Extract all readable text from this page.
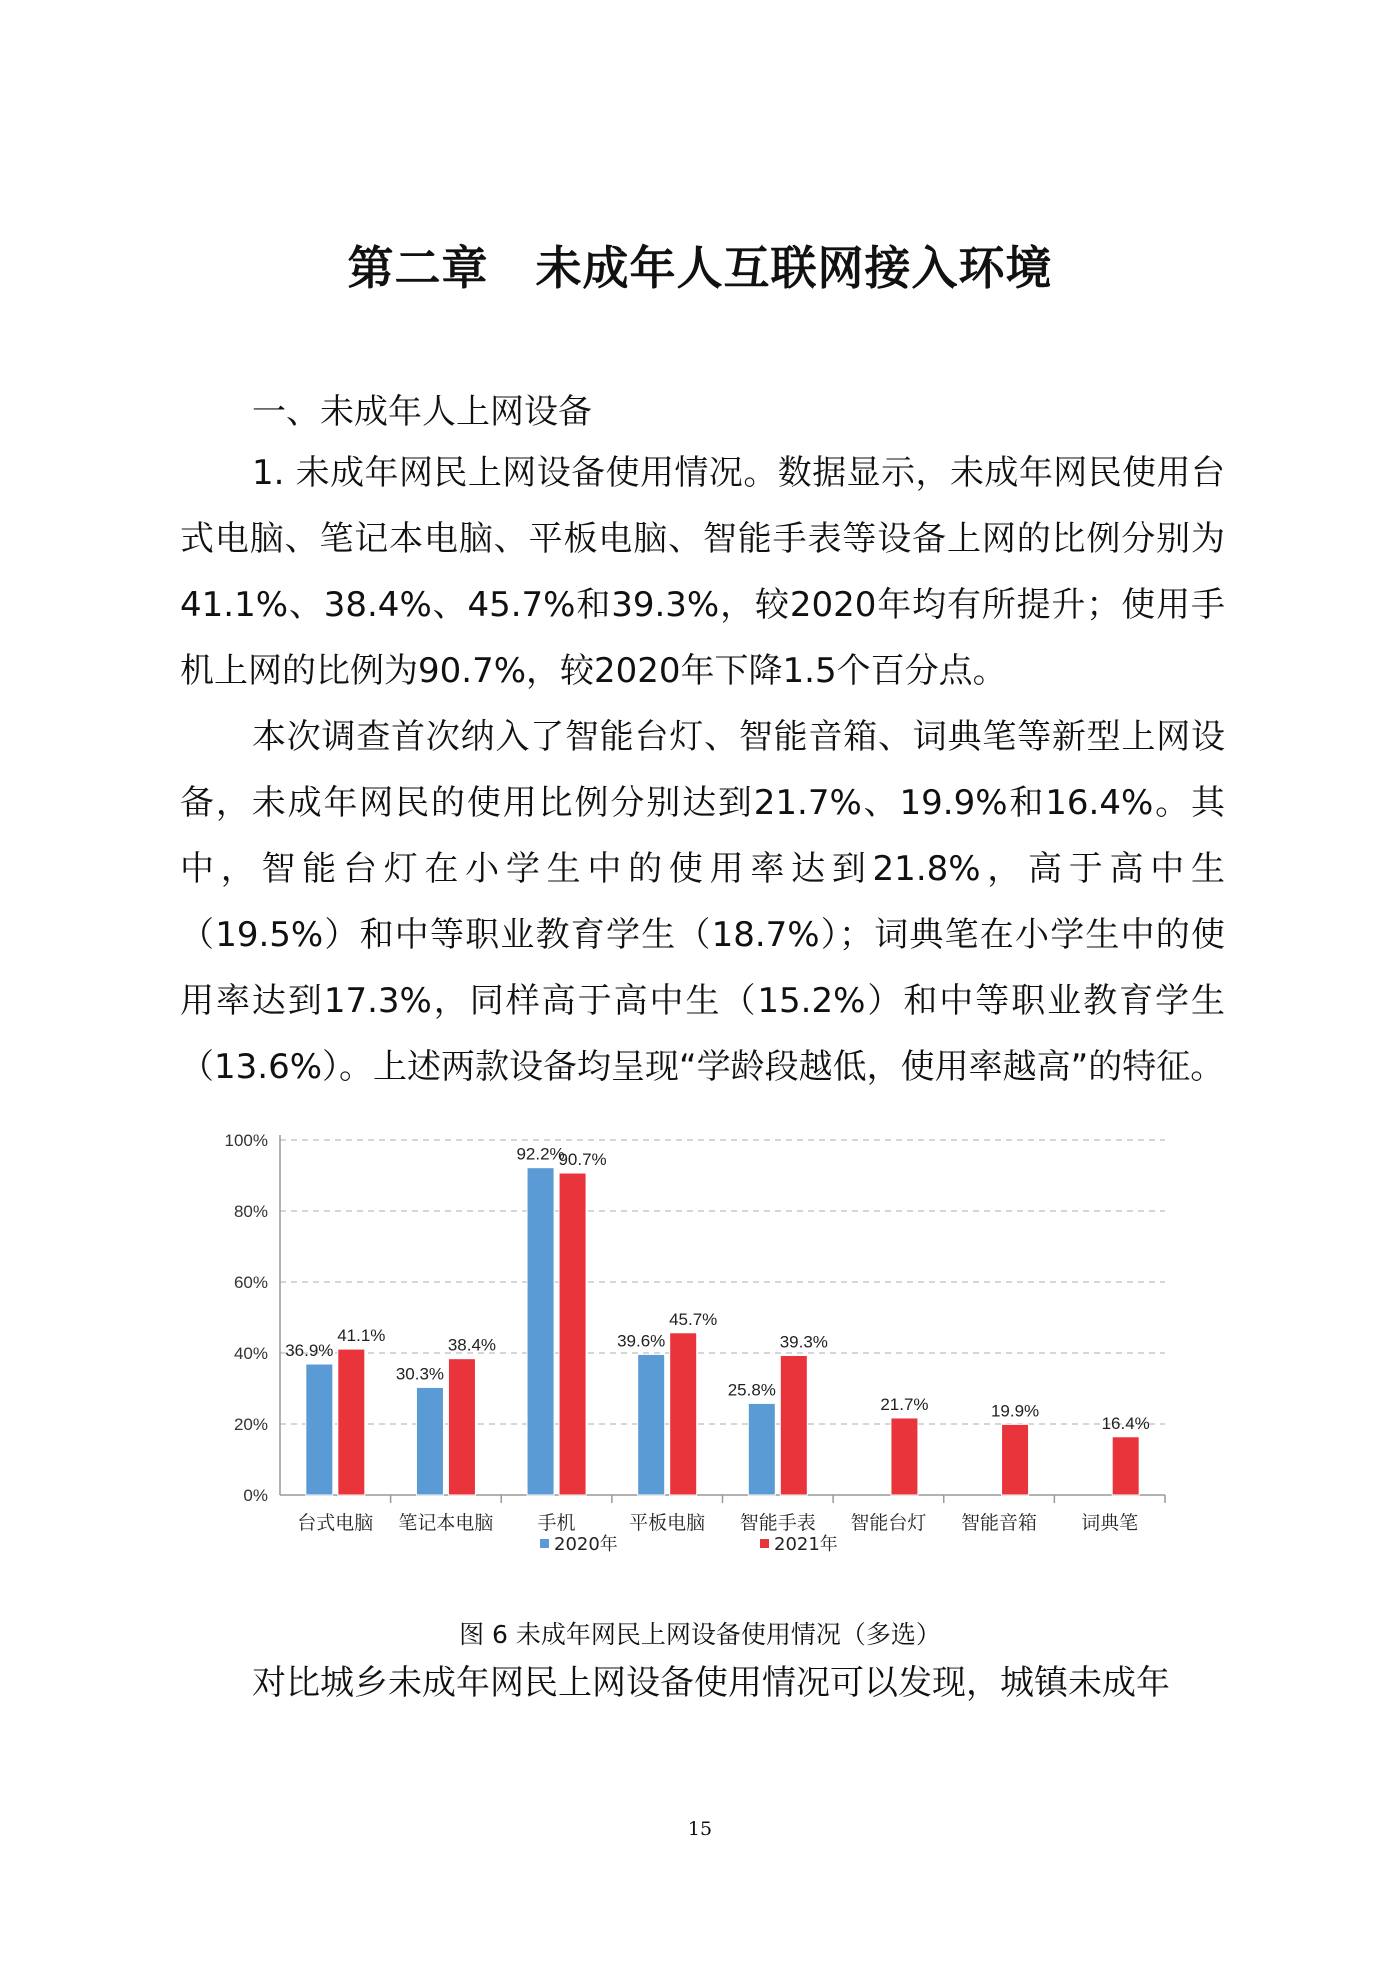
第二章　未成年人互联网接入环境
一、未成年人上网设备

1. 未成年网民上网设备使用情况。数据显示，未成年网民使用台式电脑、笔记本电脑、平板电脑、智能手表等设备上网的比例分别为41.1%、38.4%、45.7%和39.3%，较2020年均有所提升；使用手机上网的比例为90.7%，较2020年下降1.5个百分点。

本次调查首次纳入了智能台灯、智能音箱、词典笔等新型上网设备，未成年网民的使用比例分别达到21.7%、19.9%和16.4%。其中，智能台灯在小学生中的使用率达到21.8%，高于高中生（19.5%）和中等职业教育学生（18.7%）；词典笔在小学生中的使用率达到17.3%，同样高于高中生（15.2%）和中等职业教育学生（13.6%）。上述两款设备均呈现“学龄段越低，使用率越高”的特征。

0%
20%
40%
60%
80%
100%
台式电脑
36.9%
41.1%
笔记本电脑
30.3%
38.4%
手机
92.2%
90.7%
平板电脑
39.6%
45.7%
智能手表
25.8%
39.3%
智能台灯
21.7%
智能音箱
19.9%
词典笔
16.4%
2020年	2021年

图 6 未成年网民上网设备使用情况（多选）

对比城乡未成年网民上网设备使用情况可以发现，城镇未成年

15
